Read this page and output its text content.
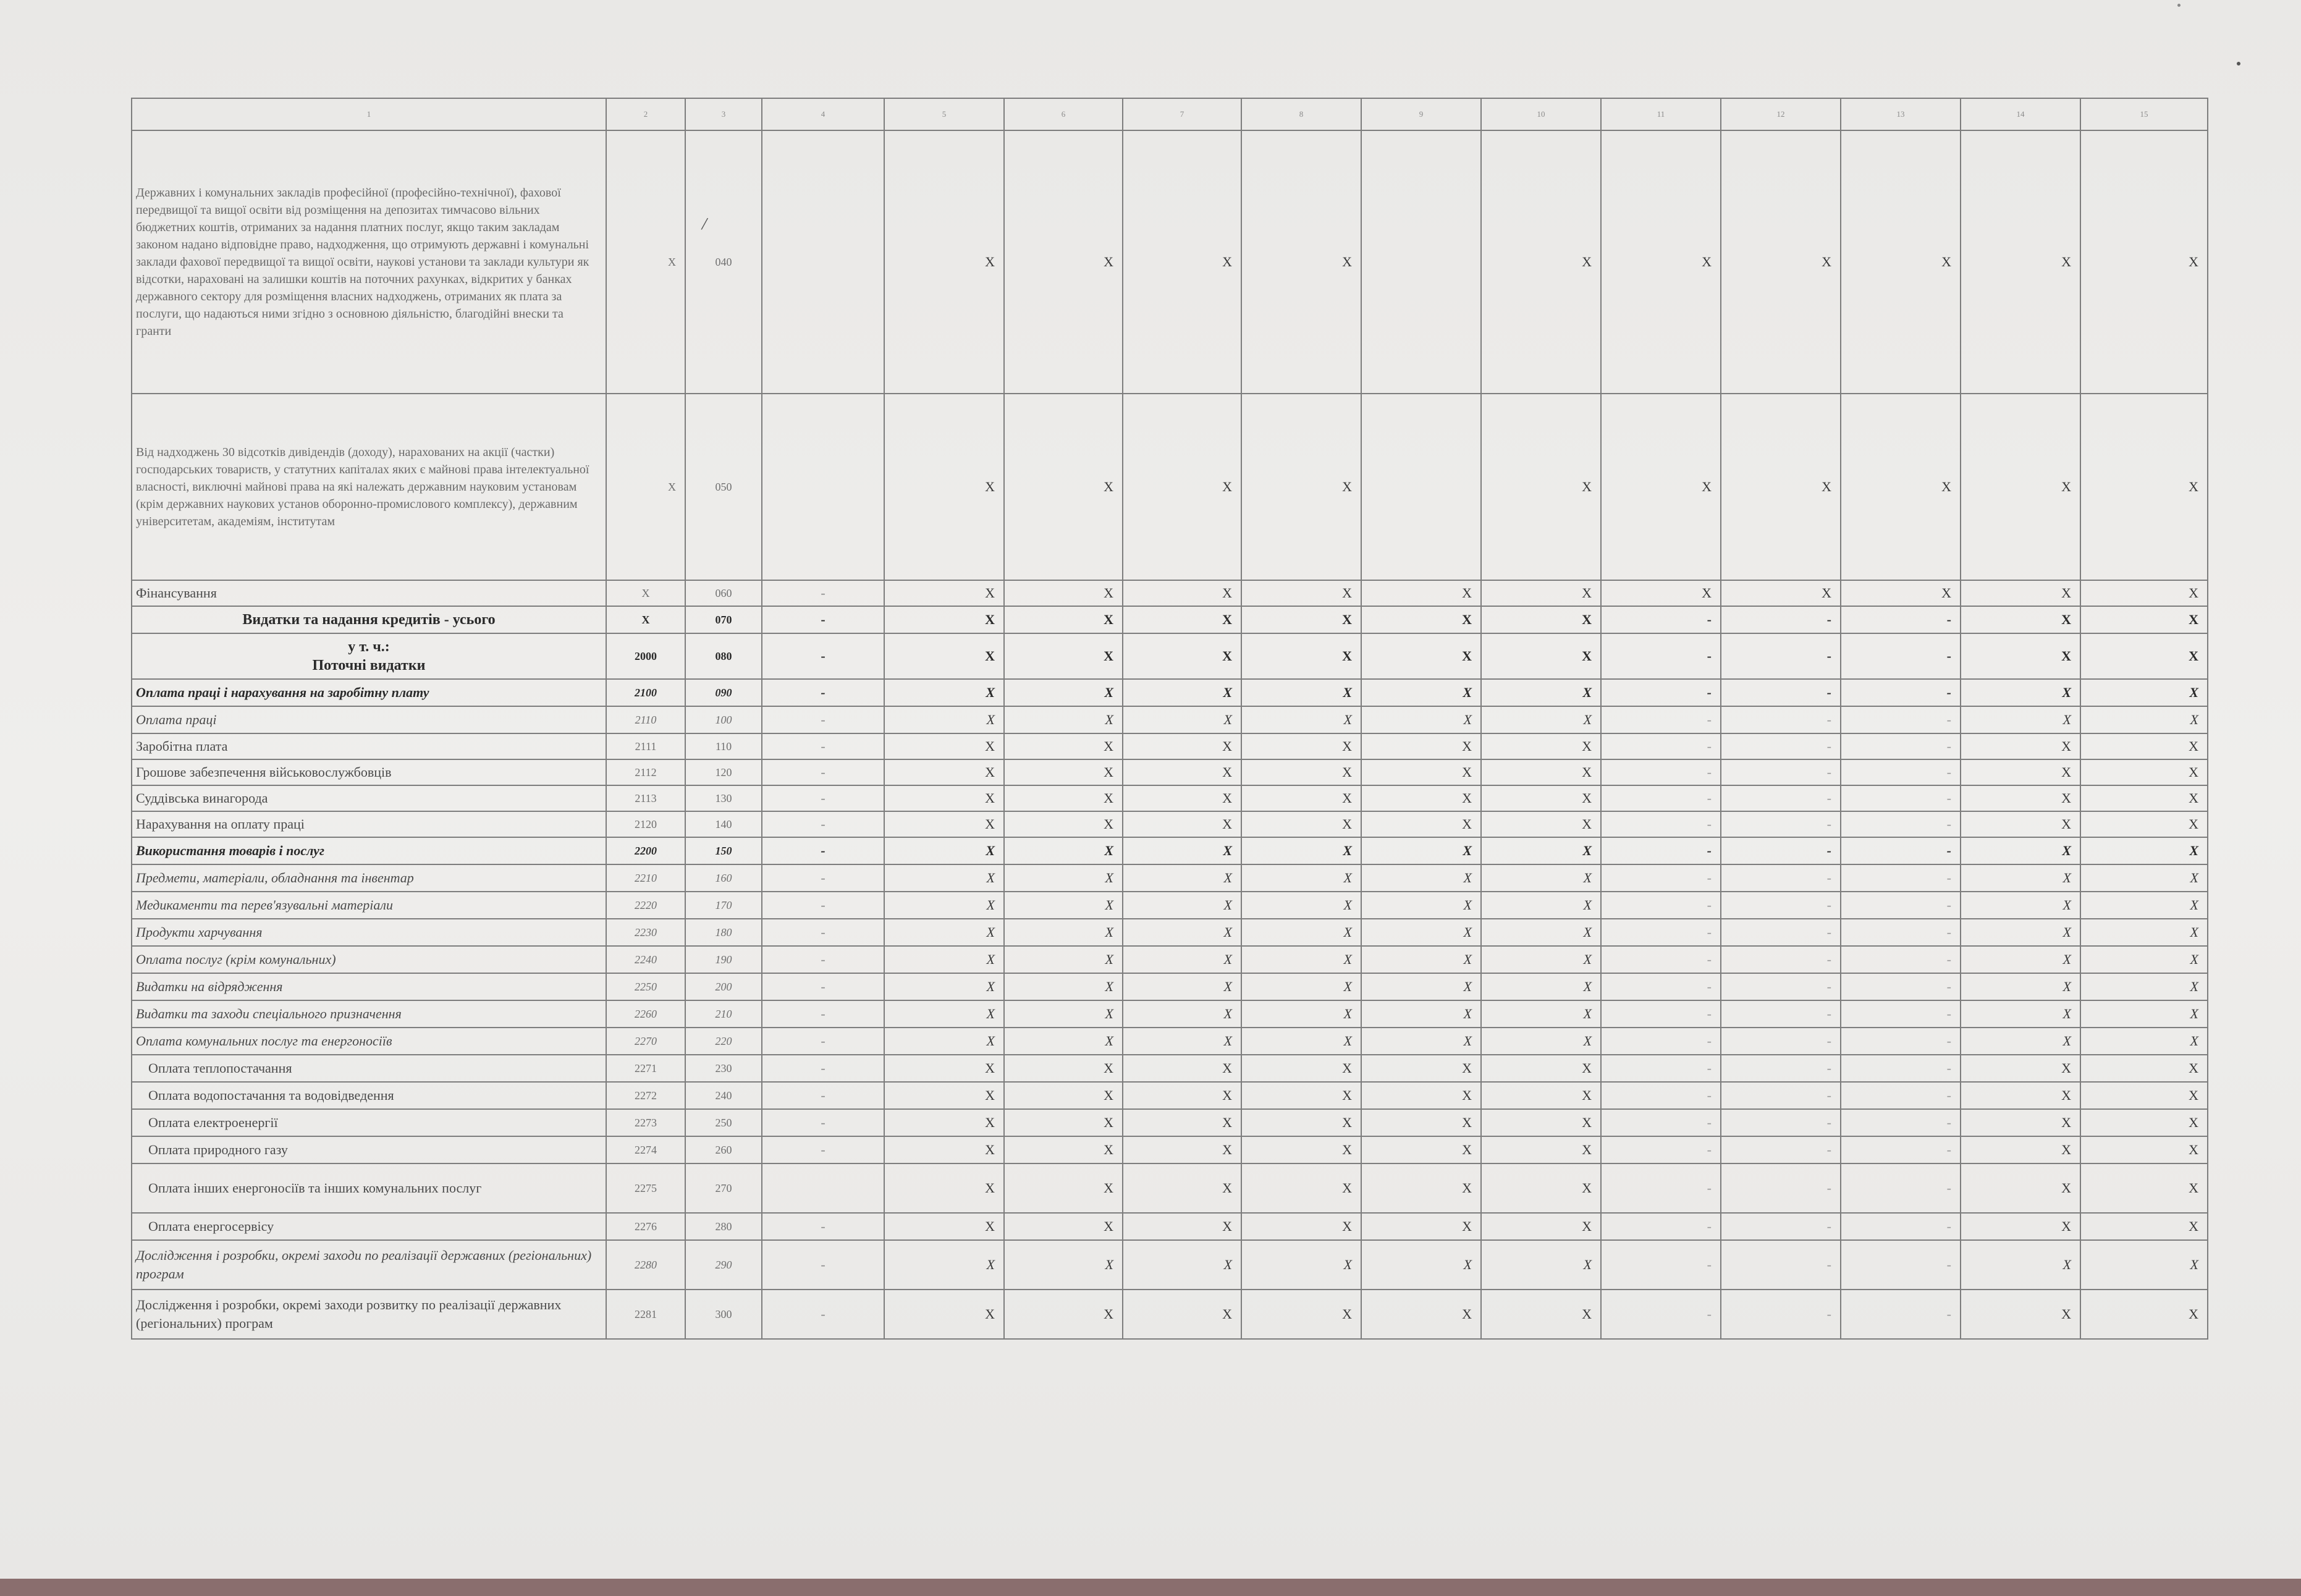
1	2	3	4	5	6	7	8	9	10	11	12	13	14	15
Державних і комунальних закладів професійної (професійно-технічної), фахової передвищої та вищої освіти від розміщення на депозитах тимчасово вільних бюджетних коштів, отриманих за надання платних послуг, якщо таким закладам законом надано відповідне право, надходження, що отримують державні і комунальні заклади фахової передвищої та вищої освіти, наукові установи та заклади культури як відсотки, нараховані на залишки коштів на поточних рахунках, відкритих у банках державного сектору для розміщення власних надходжень, отриманих як плата за послуги, що надаються ними згідно з основною діяльністю, благодійні внески та гранти	X	040		X	X	X	X		X	X	X	X	X	X
Від надходжень 30 відсотків дивідендів (доходу), нарахованих на акції (частки) господарських товариств, у статутних капіталах яких є майнові права інтелектуальної власності, виключні майнові права на які належать державним науковим установам (крім державних наукових установ оборонно-промислового комплексу), державним університетам, академіям, інститутам	X	050		X	X	X	X		X	X	X	X	X	X
Фінансування	X	060	-	X	X	X	X	X	X	X	X	X	X	X
Видатки та надання кредитів - усього	X	070	-	X	X	X	X	X	X	-	-	-	X	X
у т. ч.:
Поточні видатки	2000	080	-	X	X	X	X	X	X	-	-	-	X	X
Оплата праці і нарахування на заробітну плату	2100	090	-	X	X	X	X	X	X	-	-	-	X	X
Оплата праці	2110	100	-	X	X	X	X	X	X	-	-	-	X	X
Заробітна плата	2111	110	-	X	X	X	X	X	X	-	-	-	X	X
Грошове забезпечення військовослужбовців	2112	120	-	X	X	X	X	X	X	-	-	-	X	X
Суддівська винагорода	2113	130	-	X	X	X	X	X	X	-	-	-	X	X
Нарахування на оплату праці	2120	140	-	X	X	X	X	X	X	-	-	-	X	X
Використання товарів і послуг	2200	150	-	X	X	X	X	X	X	-	-	-	X	X
Предмети, матеріали, обладнання та інвентар	2210	160	-	X	X	X	X	X	X	-	-	-	X	X
Медикаменти та перев'язувальні матеріали	2220	170	-	X	X	X	X	X	X	-	-	-	X	X
Продукти харчування	2230	180	-	X	X	X	X	X	X	-	-	-	X	X
Оплата послуг (крім комунальних)	2240	190	-	X	X	X	X	X	X	-	-	-	X	X
Видатки на відрядження	2250	200	-	X	X	X	X	X	X	-	-	-	X	X
Видатки та заходи спеціального призначення	2260	210	-	X	X	X	X	X	X	-	-	-	X	X
Оплата комунальних послуг та енергоносіїв	2270	220	-	X	X	X	X	X	X	-	-	-	X	X
Оплата теплопостачання	2271	230	-	X	X	X	X	X	X	-	-	-	X	X
Оплата водопостачання та водовідведення	2272	240	-	X	X	X	X	X	X	-	-	-	X	X
Оплата електроенергії	2273	250	-	X	X	X	X	X	X	-	-	-	X	X
Оплата природного газу	2274	260	-	X	X	X	X	X	X	-	-	-	X	X
Оплата інших енергоносіїв та інших комунальних послуг	2275	270		X	X	X	X	X	X	-	-	-	X	X
Оплата енергосервісу	2276	280	-	X	X	X	X	X	X	-	-	-	X	X
Дослідження і розробки, окремі заходи по реалізації державних (регіональних) програм	2280	290	-	X	X	X	X	X	X	-	-	-	X	X
Дослідження і розробки, окремі заходи розвитку по реалізації державних (регіональних) програм	2281	300	-	X	X	X	X	X	X	-	-	-	X	X
/
